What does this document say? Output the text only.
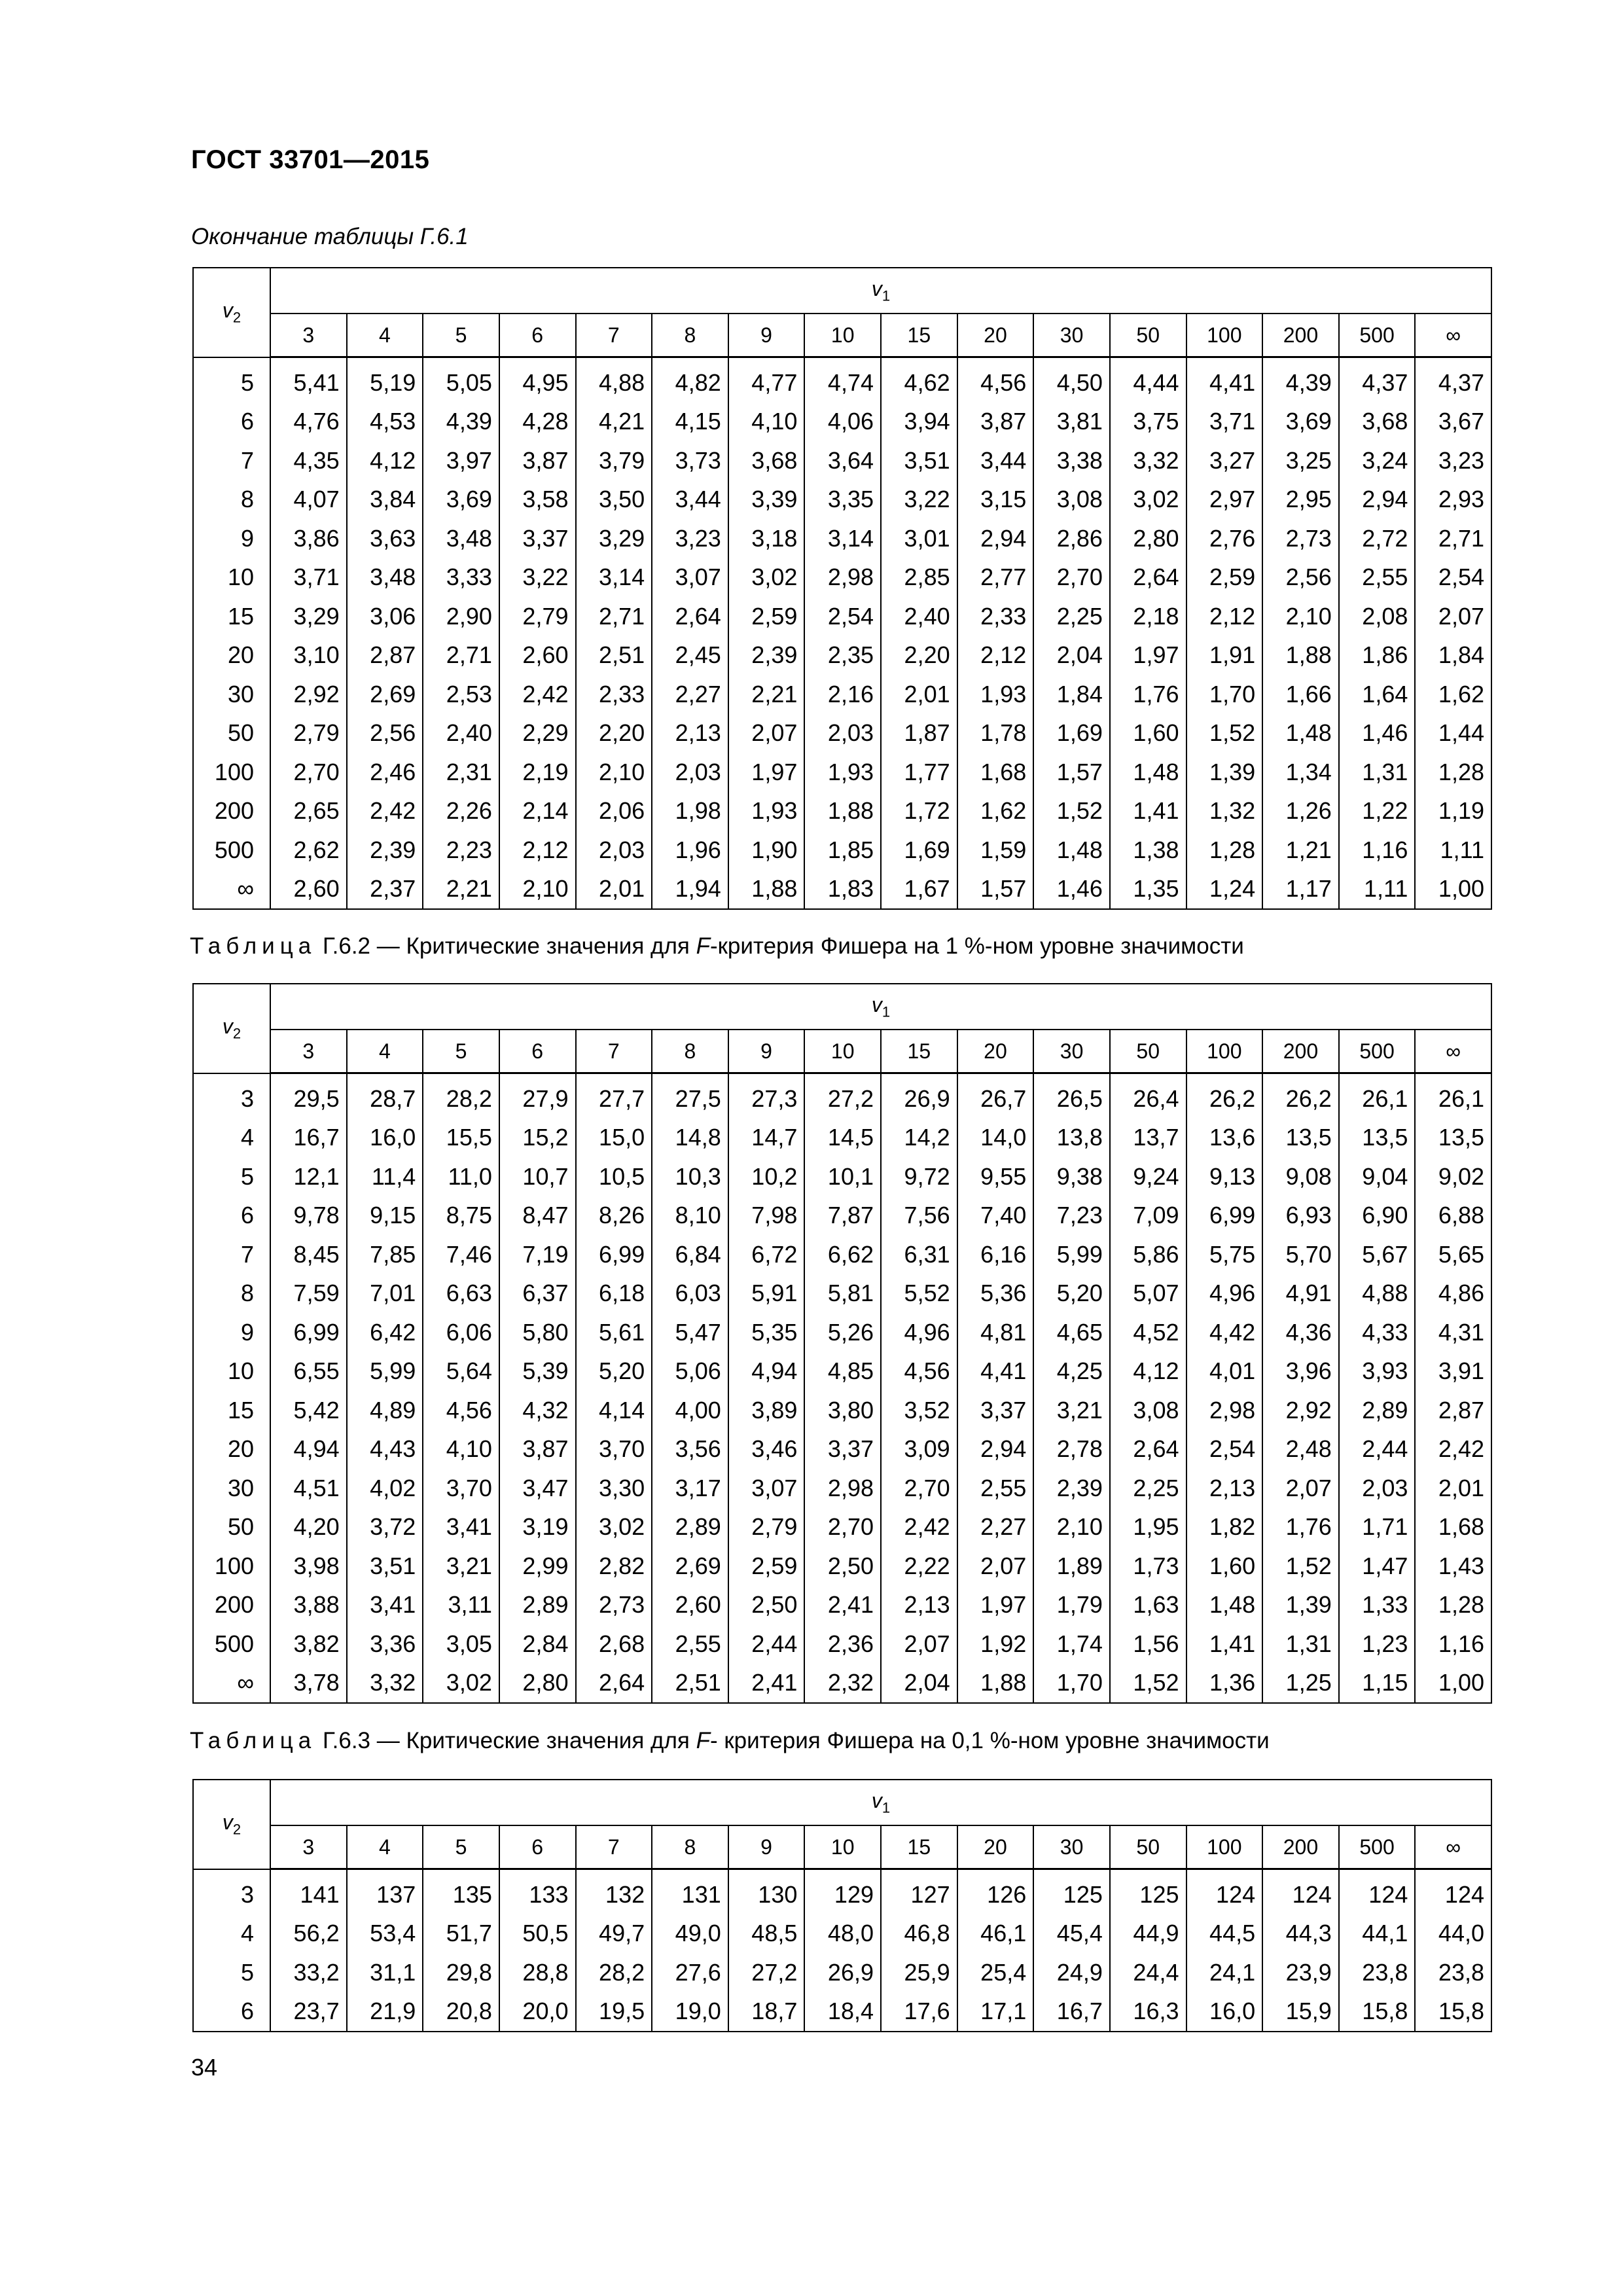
ГОСТ 33701—2015
Окончание таблицы Г.6.1
$v_2$	$v_1$
	3	4	5	6	7	8	9	10	15	20	30	50	100	200	500	∞
5	5,41	5,19	5,05	4,95	4,88	4,82	4,77	4,74	4,62	4,56	4,50	4,44	4,41	4,39	4,37	4,37
6	4,76	4,53	4,39	4,28	4,21	4,15	4,10	4,06	3,94	3,87	3,81	3,75	3,71	3,69	3,68	3,67
7	4,35	4,12	3,97	3,87	3,79	3,73	3,68	3,64	3,51	3,44	3,38	3,32	3,27	3,25	3,24	3,23
8	4,07	3,84	3,69	3,58	3,50	3,44	3,39	3,35	3,22	3,15	3,08	3,02	2,97	2,95	2,94	2,93
9	3,86	3,63	3,48	3,37	3,29	3,23	3,18	3,14	3,01	2,94	2,86	2,80	2,76	2,73	2,72	2,71
10	3,71	3,48	3,33	3,22	3,14	3,07	3,02	2,98	2,85	2,77	2,70	2,64	2,59	2,56	2,55	2,54
15	3,29	3,06	2,90	2,79	2,71	2,64	2,59	2,54	2,40	2,33	2,25	2,18	2,12	2,10	2,08	2,07
20	3,10	2,87	2,71	2,60	2,51	2,45	2,39	2,35	2,20	2,12	2,04	1,97	1,91	1,88	1,86	1,84
30	2,92	2,69	2,53	2,42	2,33	2,27	2,21	2,16	2,01	1,93	1,84	1,76	1,70	1,66	1,64	1,62
50	2,79	2,56	2,40	2,29	2,20	2,13	2,07	2,03	1,87	1,78	1,69	1,60	1,52	1,48	1,46	1,44
100	2,70	2,46	2,31	2,19	2,10	2,03	1,97	1,93	1,77	1,68	1,57	1,48	1,39	1,34	1,31	1,28
200	2,65	2,42	2,26	2,14	2,06	1,98	1,93	1,88	1,72	1,62	1,52	1,41	1,32	1,26	1,22	1,19
500	2,62	2,39	2,23	2,12	2,03	1,96	1,90	1,85	1,69	1,59	1,48	1,38	1,28	1,21	1,16	1,11
∞	2,60	2,37	2,21	2,10	2,01	1,94	1,88	1,83	1,67	1,57	1,46	1,35	1,24	1,17	1,11	1,00
Таблица Г.6.2 — Критические значения для F-критерия Фишера на 1 %-ном уровне значимости
$v_2$	$v_1$
	3	4	5	6	7	8	9	10	15	20	30	50	100	200	500	∞
3	29,5	28,7	28,2	27,9	27,7	27,5	27,3	27,2	26,9	26,7	26,5	26,4	26,2	26,2	26,1	26,1
4	16,7	16,0	15,5	15,2	15,0	14,8	14,7	14,5	14,2	14,0	13,8	13,7	13,6	13,5	13,5	13,5
5	12,1	11,4	11,0	10,7	10,5	10,3	10,2	10,1	9,72	9,55	9,38	9,24	9,13	9,08	9,04	9,02
6	9,78	9,15	8,75	8,47	8,26	8,10	7,98	7,87	7,56	7,40	7,23	7,09	6,99	6,93	6,90	6,88
7	8,45	7,85	7,46	7,19	6,99	6,84	6,72	6,62	6,31	6,16	5,99	5,86	5,75	5,70	5,67	5,65
8	7,59	7,01	6,63	6,37	6,18	6,03	5,91	5,81	5,52	5,36	5,20	5,07	4,96	4,91	4,88	4,86
9	6,99	6,42	6,06	5,80	5,61	5,47	5,35	5,26	4,96	4,81	4,65	4,52	4,42	4,36	4,33	4,31
10	6,55	5,99	5,64	5,39	5,20	5,06	4,94	4,85	4,56	4,41	4,25	4,12	4,01	3,96	3,93	3,91
15	5,42	4,89	4,56	4,32	4,14	4,00	3,89	3,80	3,52	3,37	3,21	3,08	2,98	2,92	2,89	2,87
20	4,94	4,43	4,10	3,87	3,70	3,56	3,46	3,37	3,09	2,94	2,78	2,64	2,54	2,48	2,44	2,42
30	4,51	4,02	3,70	3,47	3,30	3,17	3,07	2,98	2,70	2,55	2,39	2,25	2,13	2,07	2,03	2,01
50	4,20	3,72	3,41	3,19	3,02	2,89	2,79	2,70	2,42	2,27	2,10	1,95	1,82	1,76	1,71	1,68
100	3,98	3,51	3,21	2,99	2,82	2,69	2,59	2,50	2,22	2,07	1,89	1,73	1,60	1,52	1,47	1,43
200	3,88	3,41	3,11	2,89	2,73	2,60	2,50	2,41	2,13	1,97	1,79	1,63	1,48	1,39	1,33	1,28
500	3,82	3,36	3,05	2,84	2,68	2,55	2,44	2,36	2,07	1,92	1,74	1,56	1,41	1,31	1,23	1,16
∞	3,78	3,32	3,02	2,80	2,64	2,51	2,41	2,32	2,04	1,88	1,70	1,52	1,36	1,25	1,15	1,00
Таблица Г.6.3 — Критические значения для F- критерия Фишера на 0,1 %-ном уровне значимости
$v_2$	$v_1$
	3	4	5	6	7	8	9	10	15	20	30	50	100	200	500	∞
3	141	137	135	133	132	131	130	129	127	126	125	125	124	124	124	124
4	56,2	53,4	51,7	50,5	49,7	49,0	48,5	48,0	46,8	46,1	45,4	44,9	44,5	44,3	44,1	44,0
5	33,2	31,1	29,8	28,8	28,2	27,6	27,2	26,9	25,9	25,4	24,9	24,4	24,1	23,9	23,8	23,8
6	23,7	21,9	20,8	20,0	19,5	19,0	18,7	18,4	17,6	17,1	16,7	16,3	16,0	15,9	15,8	15,8
34
